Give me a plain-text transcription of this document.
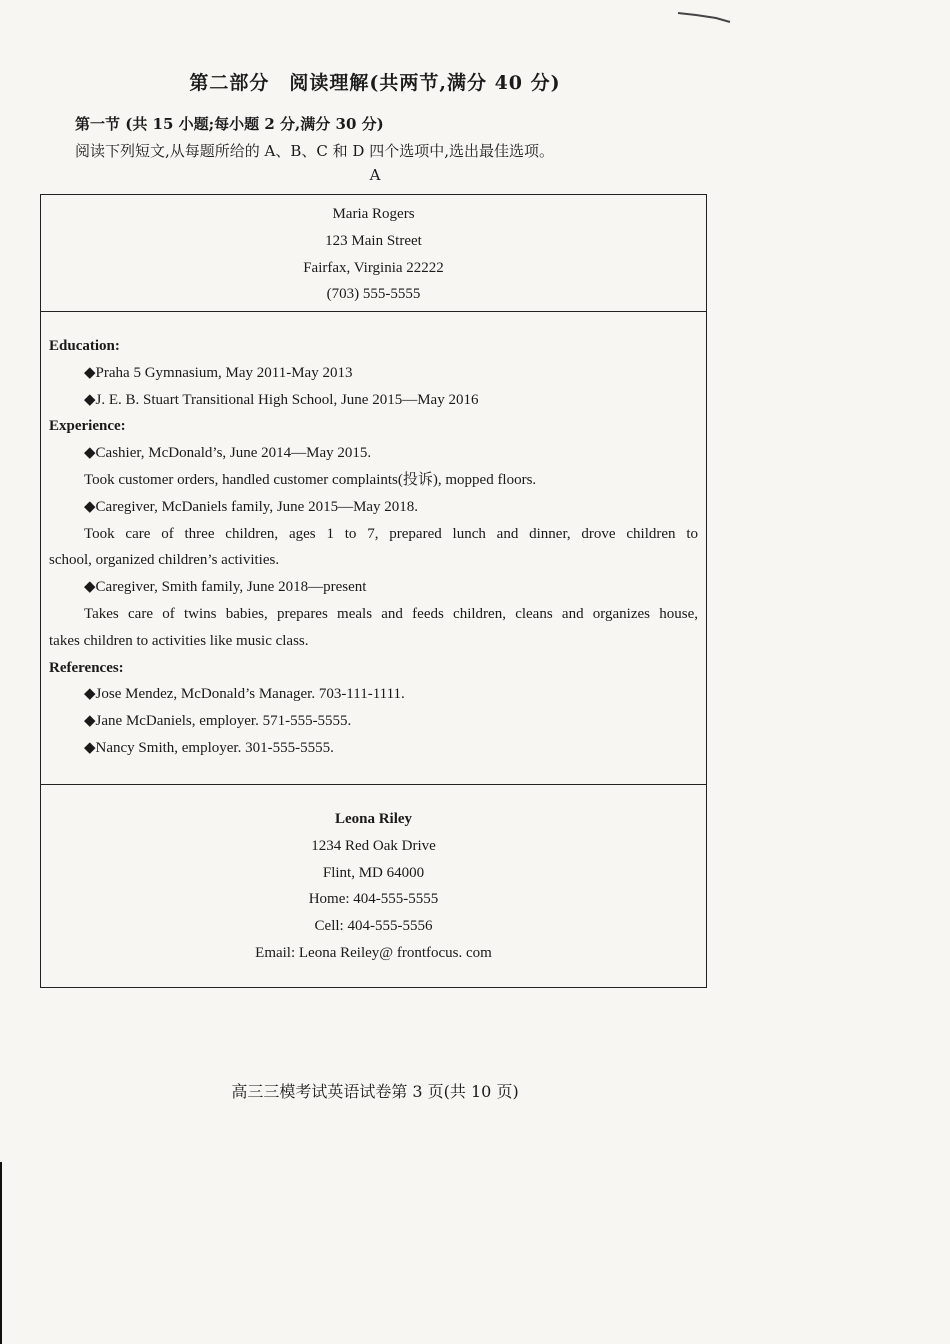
第二部分　阅读理解(共两节,满分 40 分)
第一节 (共 15 小题;每小题 2 分,满分 30 分)
阅读下列短文,从每题所给的 A、B、C 和 D 四个选项中,选出最佳选项。
A
Maria Rogers
123 Main Street
Fairfax, Virginia 22222
(703) 555-5555
Education:
◆Praha 5 Gymnasium, May 2011-May 2013
◆J. E. B. Stuart Transitional High School, June 2015—May 2016
Experience:
◆Cashier, McDonald’s, June 2014—May 2015.
Took customer orders, handled customer complaints(投诉), mopped floors.
◆Caregiver, McDaniels family, June 2015—May 2018.
Took care of three children, ages 1 to 7, prepared lunch and dinner, drove children to
school, organized children’s activities.
◆Caregiver, Smith family, June 2018—present
Takes care of twins babies, prepares meals and feeds children, cleans and organizes house,
takes children to activities like music class.
References:
◆Jose Mendez, McDonald’s Manager. 703-111-1111.
◆Jane McDaniels, employer. 571-555-5555.
◆Nancy Smith, employer. 301-555-5555.
Leona Riley
1234 Red Oak Drive
Flint, MD 64000
Home: 404-555-5555
Cell: 404-555-5556
Email: Leona Reiley@ frontfocus. com
高三三模考试英语试卷第 3 页(共 10 页)
